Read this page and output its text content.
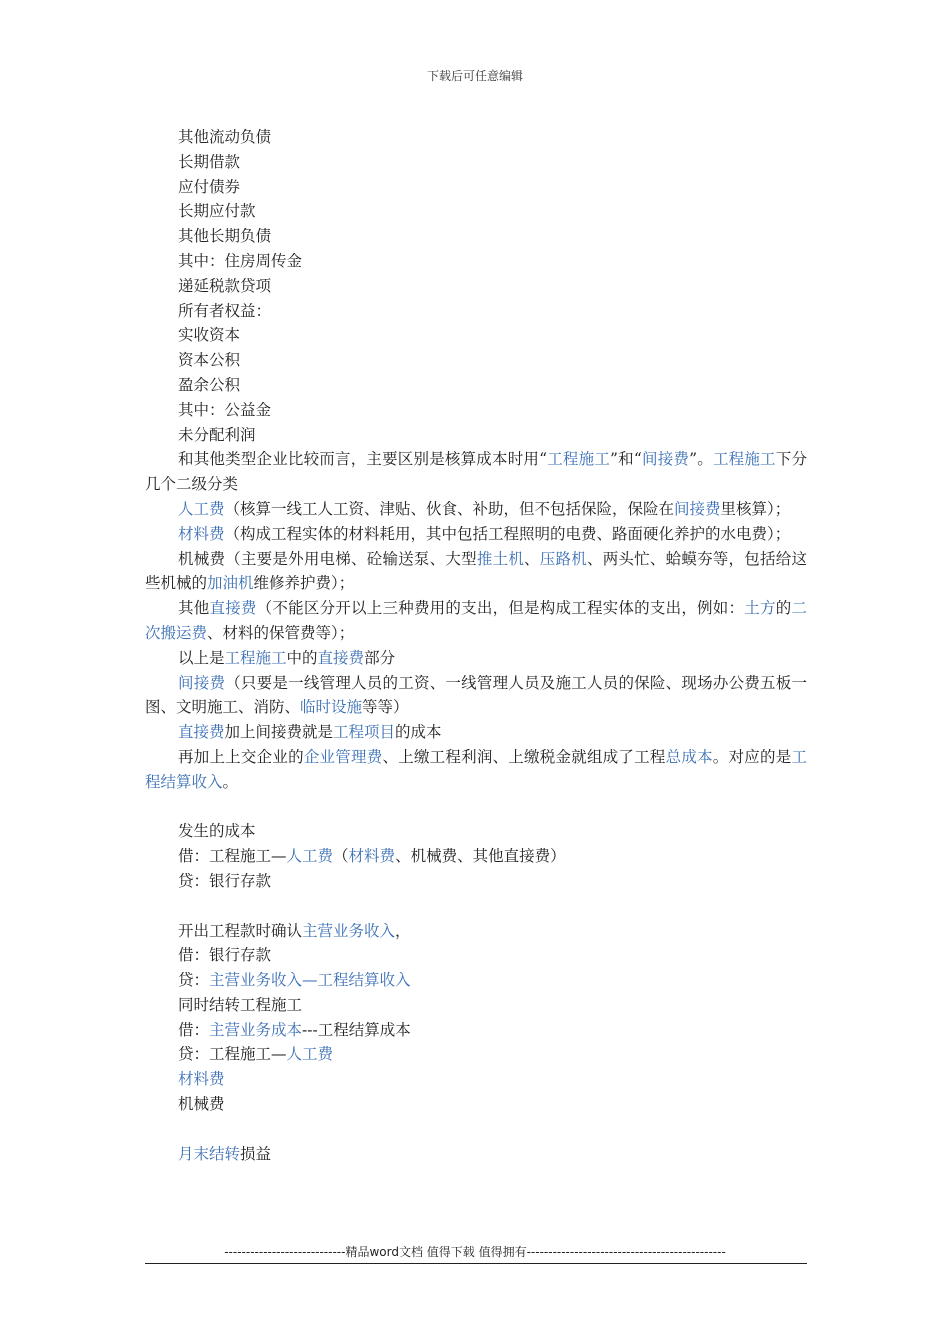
下载后可任意编辑

其他流动负债

长期借款

应付债券

长期应付款

其他长期负债

其中：住房周传金

递延税款贷项

所有者权益：

实收资本

资本公积

盈余公积

其中：公益金

未分配利润

和其他类型企业比较而言，主要区别是核算成本时用“工程施工”和“间接费”。工程施工下分几个二级分类

人工费（核算一线工人工资、津贴、伙食、补助，但不包括保险，保险在间接费里核算）；

材料费（构成工程实体的材料耗用，其中包括工程照明的电费、路面硬化养护的水电费）；

机械费（主要是外用电梯、砼输送泵、大型推土机、压路机、两头忙、蛤蟆夯等，包括给这些机械的加油机维修养护费）；

其他直接费（不能区分开以上三种费用的支出，但是构成工程实体的支出，例如：土方的二次搬运费、材料的保管费等）；

以上是工程施工中的直接费部分

间接费（只要是一线管理人员的工资、一线管理人员及施工人员的保险、现场办公费五板一图、文明施工、消防、临时设施等等）

直接费加上间接费就是工程项目的成本

再加上上交企业的企业管理费、上缴工程利润、上缴税金就组成了工程总成本。对应的是工程结算收入。

发生的成本

借：工程施工—人工费（材料费、机械费、其他直接费）

贷：银行存款

开出工程款时确认主营业务收入，

借：银行存款

贷：主营业务收入—工程结算收入

同时结转工程施工

借：主营业务成本---工程结算成本

贷：工程施工—人工费

材料费

机械费

月末结转损益

----------------------------精品word文档 值得下载 值得拥有----------------------------------------------
